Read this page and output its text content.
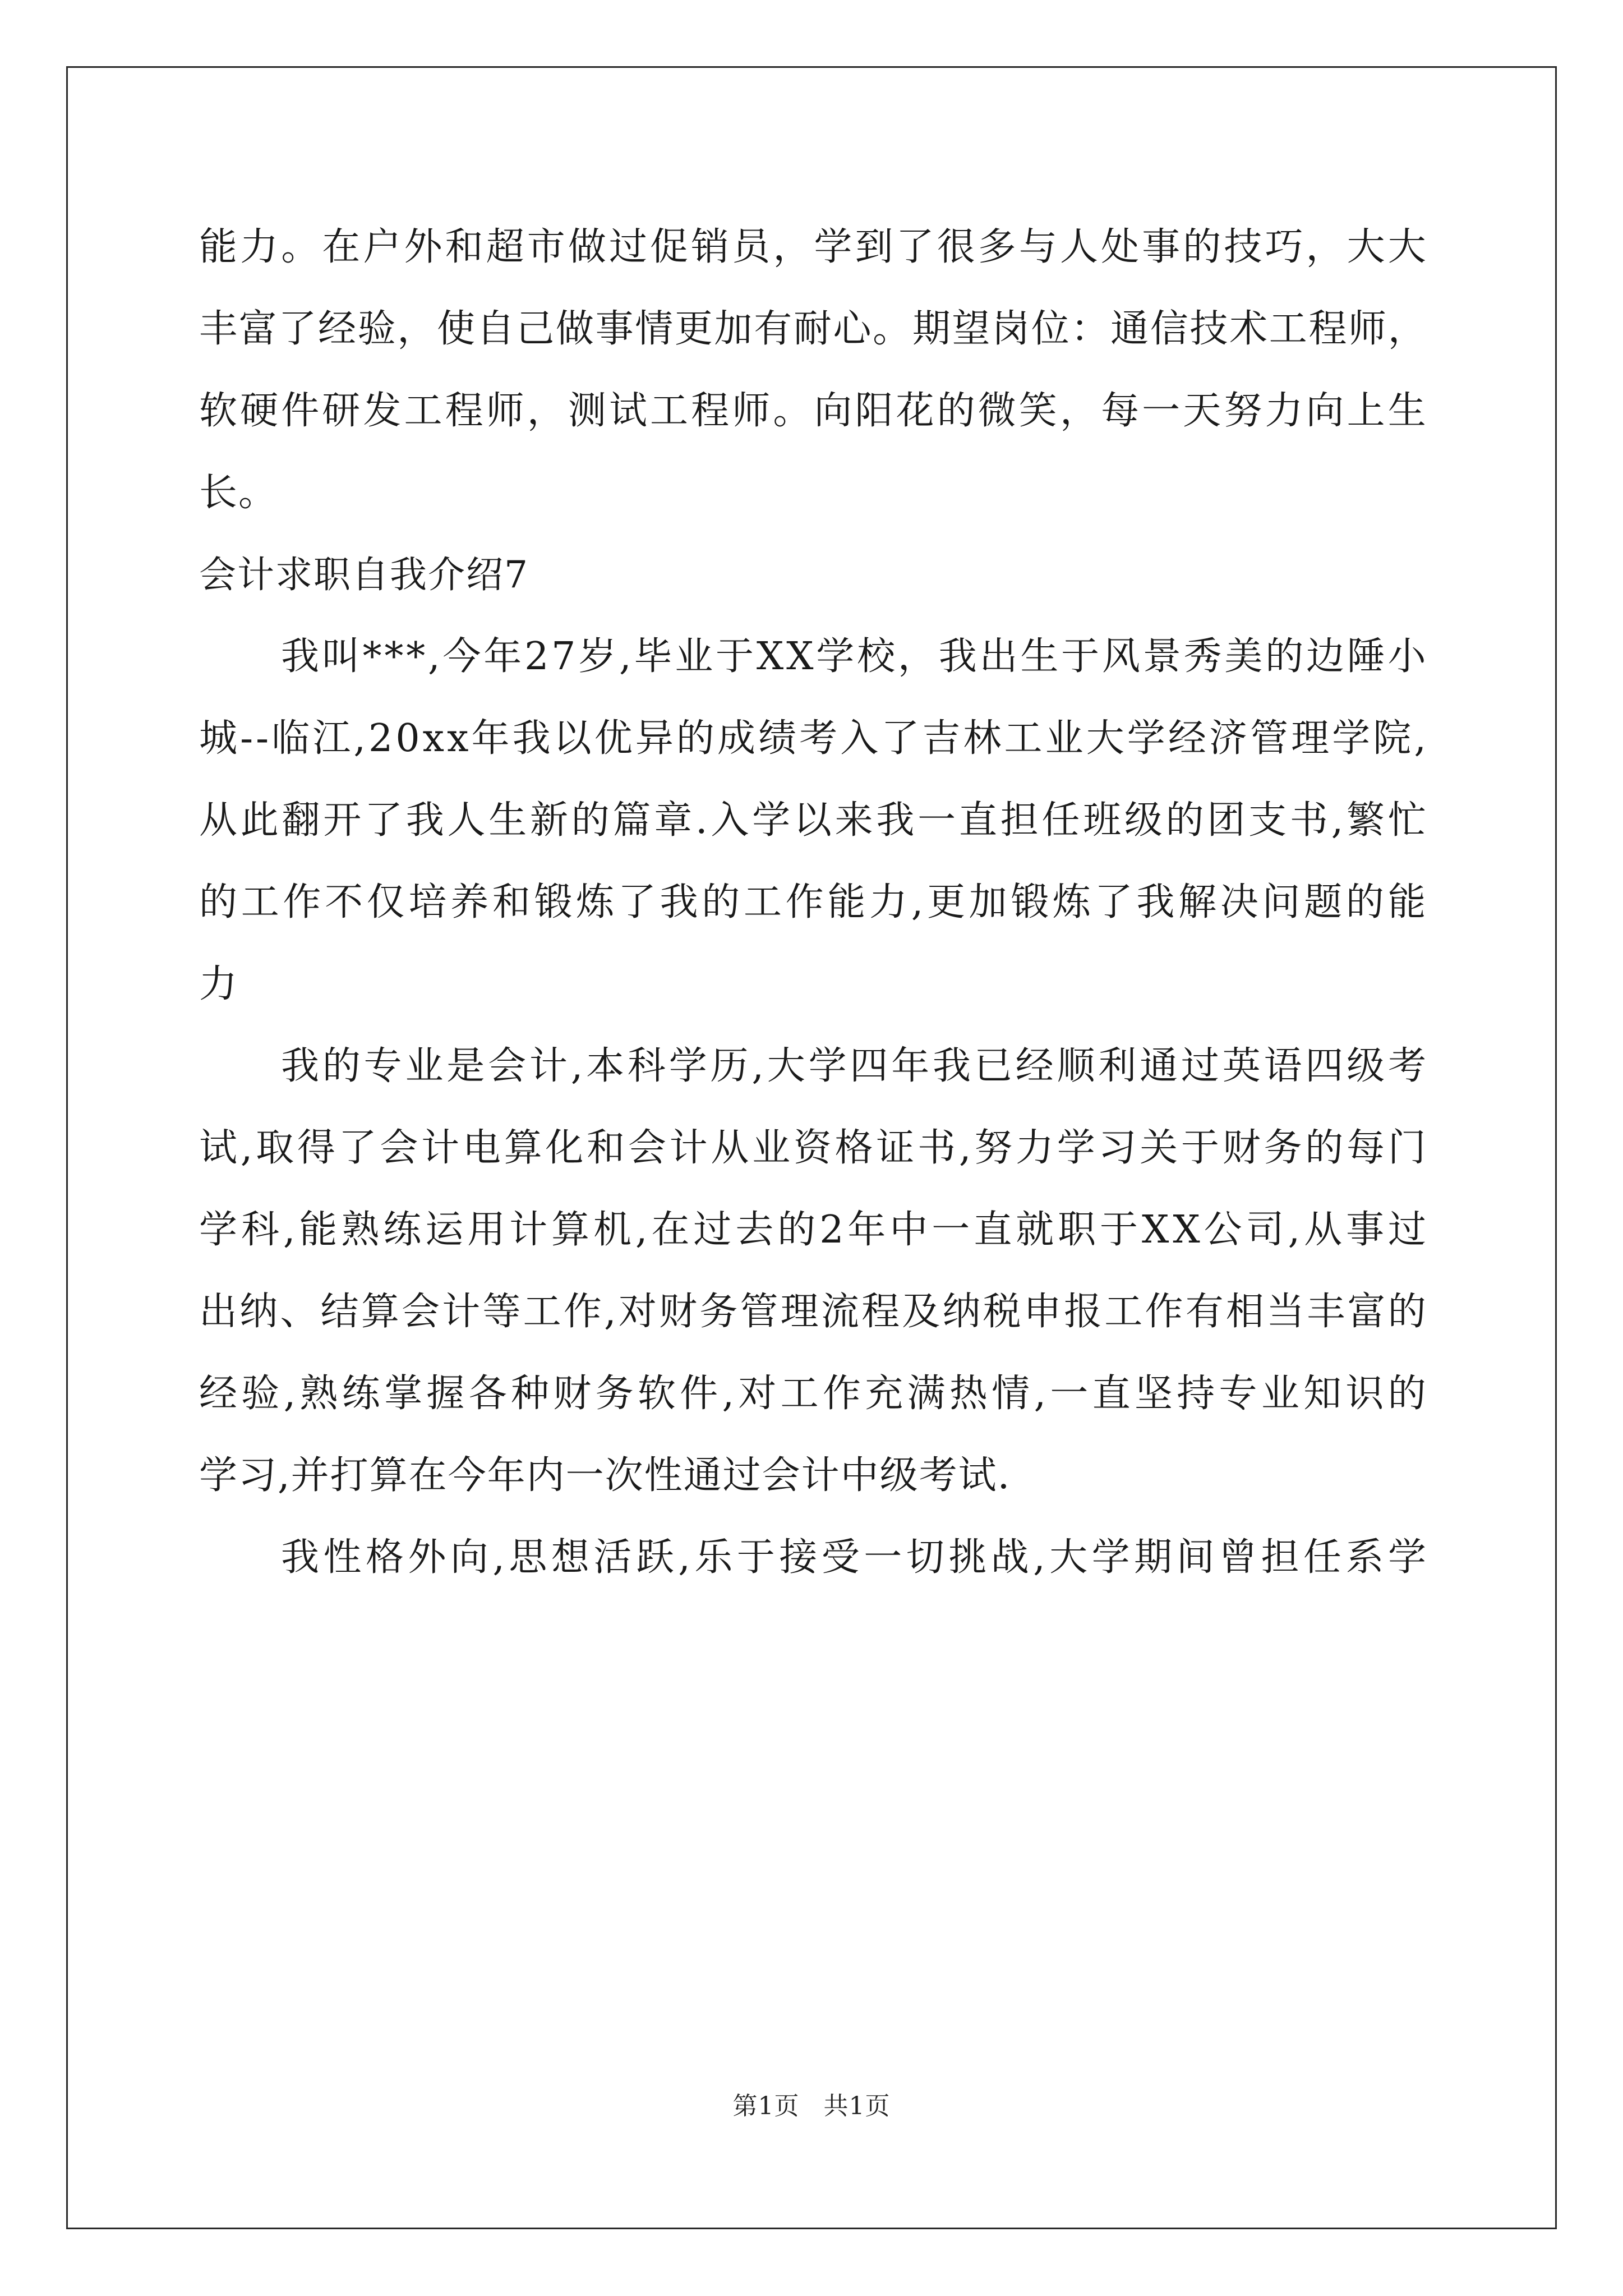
能 力 。 在 户 外 和 超 市 做 过 促 销 员 ， 学 到 了 很 多 与 人 处 事 的 技 巧 ， 大 大
丰 富 了 经 验 ， 使 自 己 做 事 情 更 加 有 耐 心 。 期 望 岗 位 ： 通 信 技 术 工 程 师 ，
软 硬 件 研 发 工 程 师 ， 测 试 工 程 师 。 向 阳 花 的 微 笑 ， 每 一 天 努 力 向 上 生
长。
会计求职自我介绍7
我 叫 * * * , 今 年 2 7 岁 , 毕 业 于 X X 学 校 ， 我 出 生 于 风 景 秀 美 的 边 陲 小
城 - - 临 江 , 2 0 x x 年 我 以 优 异 的 成 绩 考 入 了 吉 林 工 业 大 学 经 济 管 理 学 院 ,
从 此 翻 开 了 我 人 生 新 的 篇 章 . 入 学 以 来 我 一 直 担 任 班 级 的 团 支 书 , 繁 忙
的 工 作 不 仅 培 养 和 锻 炼 了 我 的 工 作 能 力 , 更 加 锻 炼 了 我 解 决 问 题 的 能
力
我 的 专 业 是 会 计 , 本 科 学 历 , 大 学 四 年 我 已 经 顺 利 通 过 英 语 四 级 考
试 , 取 得 了 会 计 电 算 化 和 会 计 从 业 资 格 证 书 , 努 力 学 习 关 于 财 务 的 每 门
学 科 , 能 熟 练 运 用 计 算 机 , 在 过 去 的 2 年 中 一 直 就 职 于 X X 公 司 , 从 事 过
出 纳 、 结 算 会 计 等 工 作 , 对 财 务 管 理 流 程 及 纳 税 申 报 工 作 有 相 当 丰 富 的
经 验 , 熟 练 掌 握 各 种 财 务 软 件 , 对 工 作 充 满 热 情 , 一 直 坚 持 专 业 知 识 的
学习,并打算在今年内一次性通过会计中级考试.
我 性 格 外 向 , 思 想 活 跃 , 乐 于 接 受 一 切 挑 战 , 大 学 期 间 曾 担 任 系 学
第1页 共1页
